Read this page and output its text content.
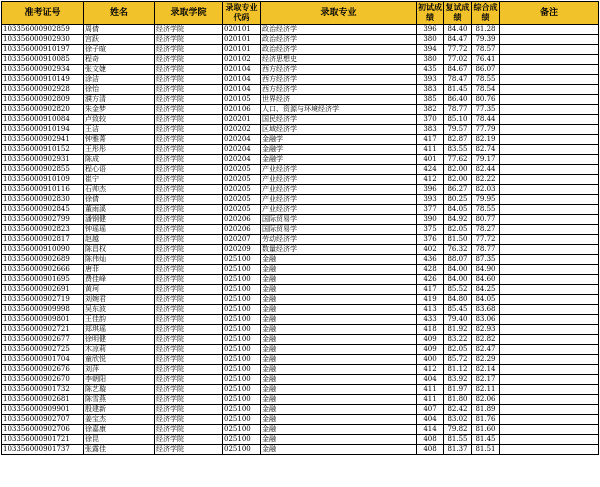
准考证号	姓名	录取学院	录取专业代码	录取专业	初试成绩	复试成绩	综合成绩	备注
103356000902859	周倩	经济学院	020101	政治经济学	396	84.40	81.28	
103356000902930	宫跃	经济学院	020101	政治经济学	380	84.47	79.39	
103356000910197	徐子暄	经济学院	020101	政治经济学	394	77.72	78.57	
103356000910085	程奇	经济学院	020102	经济思想史	380	77.02	76.41	
103356000902934	张文婕	经济学院	020104	西方经济学	435	84.67	86.07	
103356000910149	涂洁	经济学院	020104	西方经济学	393	78.47	78.55	
103356000902928	徐怡	经济学院	020104	西方经济学	383	81.45	78.54	
103356000902809	濮方清	经济学院	020105	世界经济	385	86.40	80.76	
103356000902820	朱金梦	经济学院	020106	人口、资源与环境经济学	382	78.77	77.35	
103356000910084	卢致较	经济学院	020201	国民经济学	370	85.10	78.44	
103356000910194	王洁	经济学院	020202	区域经济学	383	79.57	77.79	
103356000902941	钟雅菁	经济学院	020204	金融学	417	82.87	82.19	
103356000910152	王彤彤	经济学院	020204	金融学	411	83.55	82.74	
103356000902931	陈成	经济学院	020204	金融学	401	77.62	79.17	
103356000902855	程心语	经济学院	020205	产业经济学	424	82.00	82.44	
103356000910109	崔宁	经济学院	020205	产业经济学	412	82.00	82.22	
103356000910116	石帅杰	经济学院	020205	产业经济学	396	86.27	82.03	
103356000902830	徐倩	经济学院	020205	产业经济学	393	80.25	79.95	
103356000902845	董雨溪	经济学院	020205	产业经济学	377	84.05	78.55	
103356000902799	潘钢健	经济学院	020206	国际贸易学	390	84.92	80.77	
103356000902823	钟瑶瑶	经济学院	020206	国际贸易学	375	82.05	78.27	
103356000902817	赵越	经济学院	020207	劳动经济学	376	81.50	77.72	
103356000910090	陈昌权	经济学院	020209	数量经济学	402	76.32	78.77	
103356000902689	陈伟灿	经济学院	025100	金融	436	88.07	87.35	
103356000902666	唐菲	经济学院	025100	金融	428	84.00	84.90	
103356000901695	费佳峰	经济学院	025100	金融	426	84.00	84.60	
103356000902691	黄珂	经济学院	025100	金融	417	85.52	84.25	
103356000902719	刘婉君	经济学院	025100	金融	419	84.80	84.05	
103356000909998	吴东波	经济学院	025100	金融	413	85.45	83.68	
103356000909801	王佳韵	经济学院	025100	金融	433	79.40	83.06	
103356000902721	郑琪瑶	经济学院	025100	金融	418	81.92	82.93	
103356000902677	徐明健	经济学院	025100	金融	409	83.22	82.82	
103356000902725	木凉莉	经济学院	025100	金融	409	82.05	82.47	
103356000901704	童欣悦	经济学院	025100	金融	400	85.72	82.29	
103356000902676	刘萍	经济学院	025100	金融	412	81.12	82.14	
103356000902670	李朝阳	经济学院	025100	金融	404	83.92	82.17	
103356000901732	陈艺璇	经济学院	025100	金融	411	81.97	82.11	
103356000902681	陈雪燕	经济学院	025100	金融	411	81.80	82.06	
103356000909901	殷建新	经济学院	025100	金融	407	82.42	81.89	
103356000902707	姜宝杰	经济学院	025100	金融	404	83.02	81.76	
103356000902706	徐嘉康	经济学院	025100	金融	414	79.82	81.60	
103356000901721	徐昆	经济学院	025100	金融	408	81.55	81.45	
103356000901737	张露佳	经济学院	025100	金融	408	81.37	81.51	
